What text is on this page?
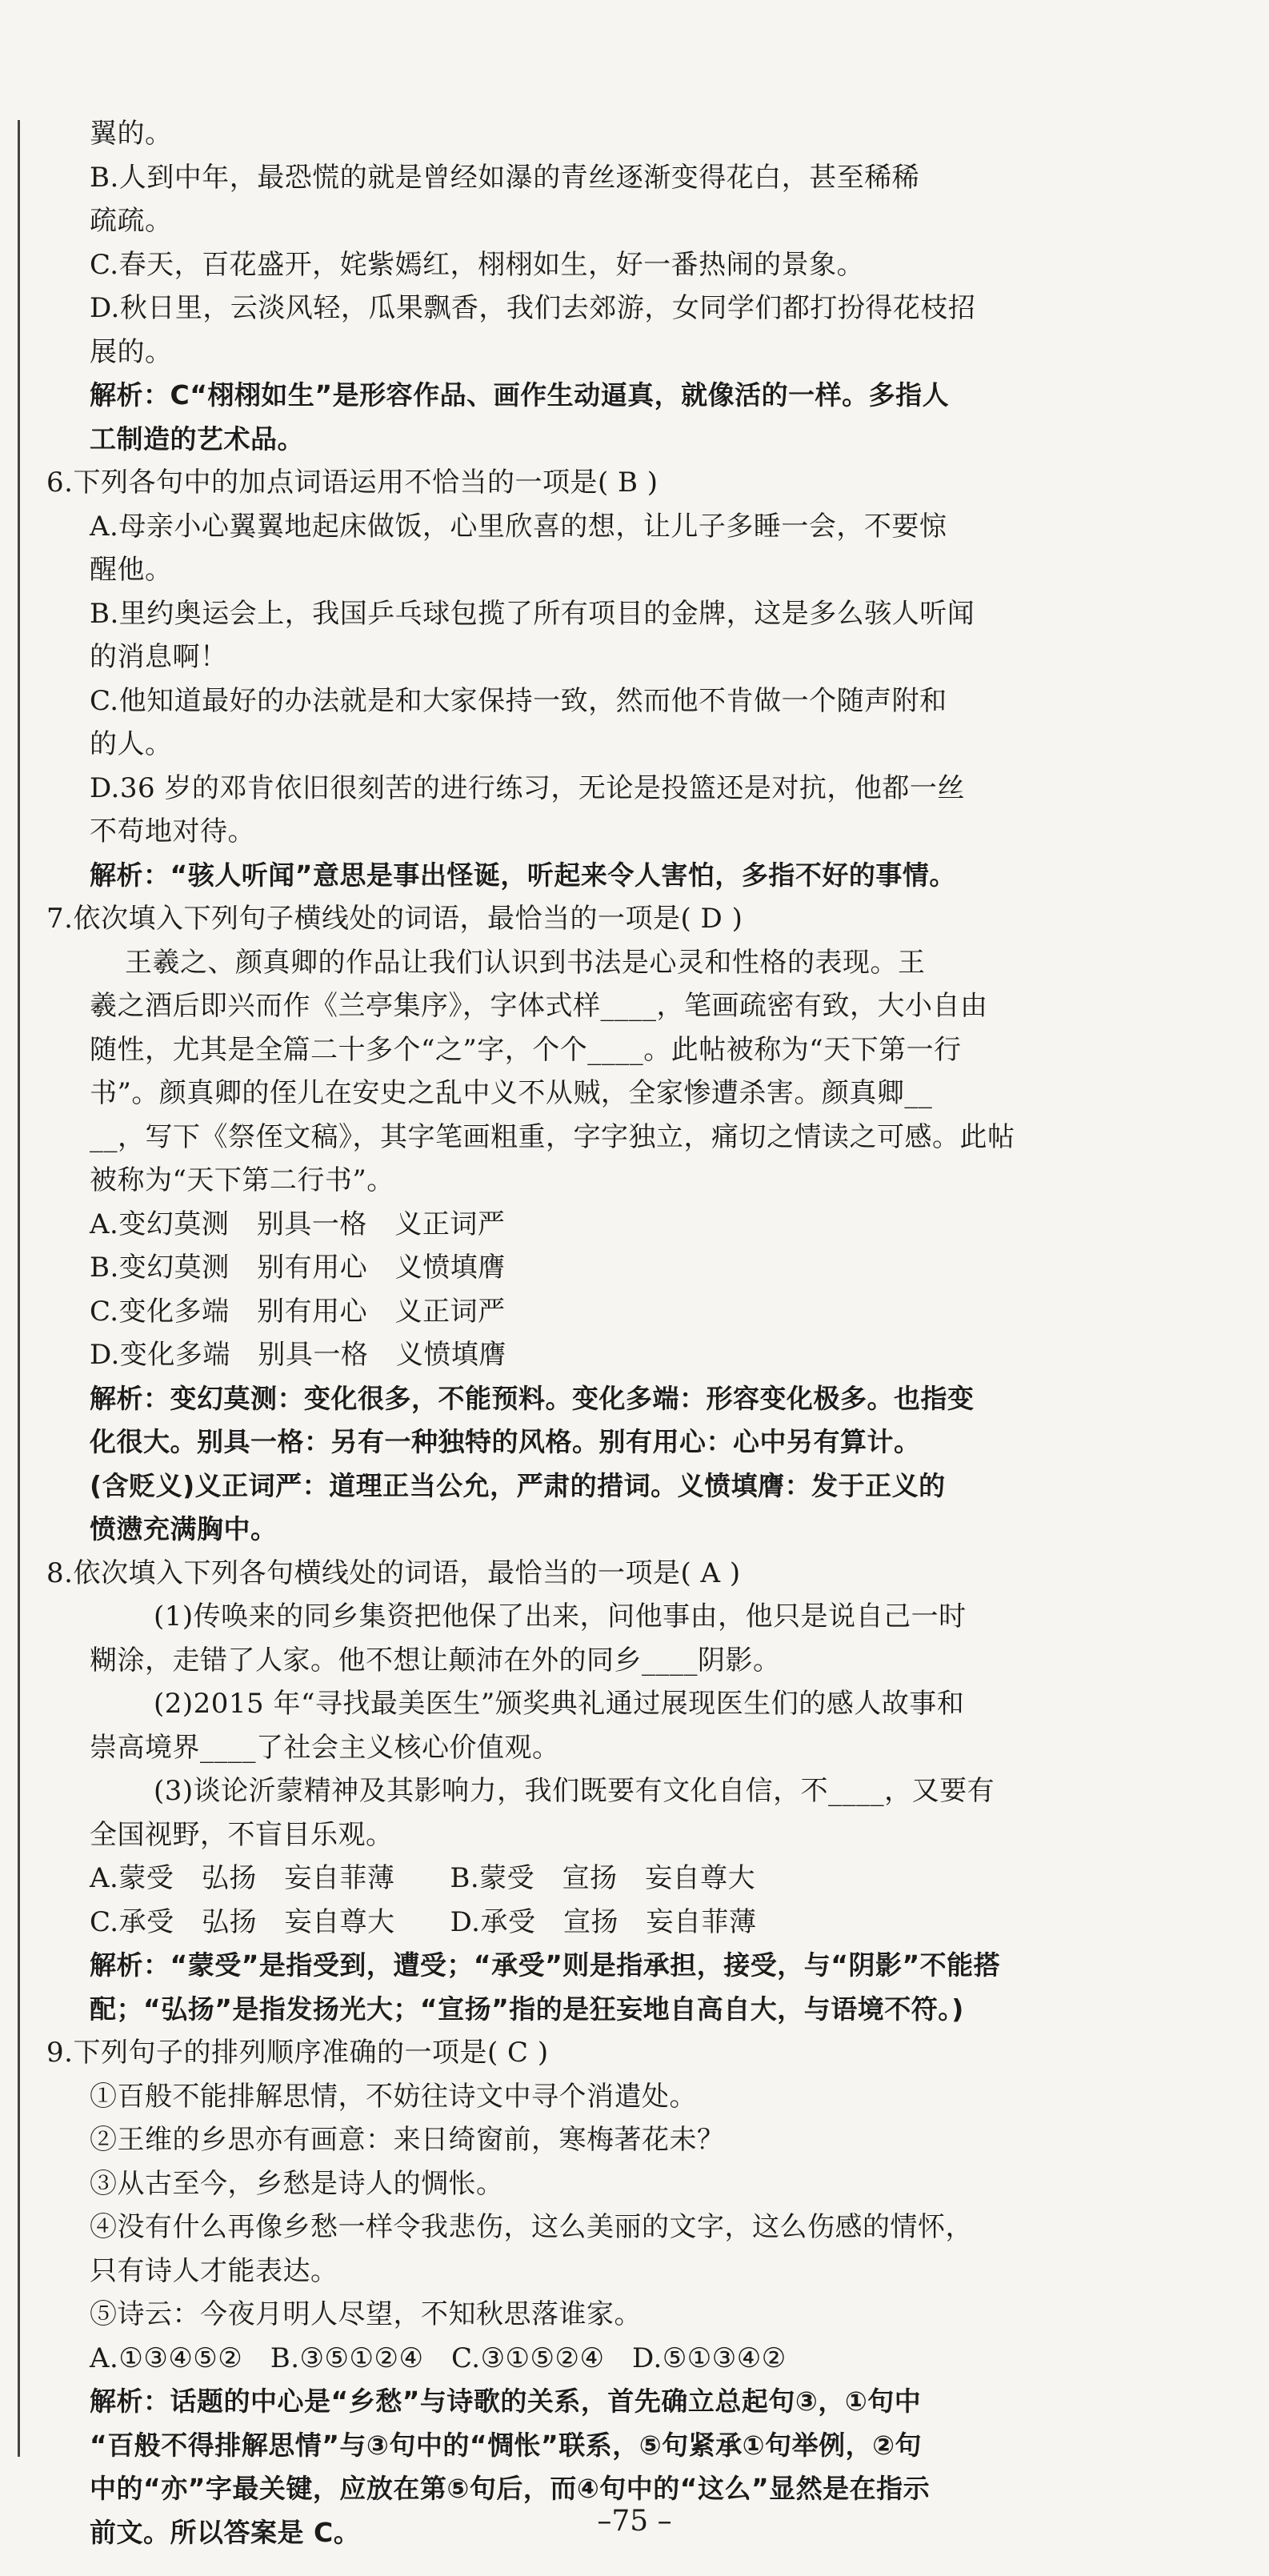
翼的。

B.人到中年，最恐慌的就是曾经如瀑的青丝逐渐变得花白，甚至稀稀

疏疏。

C.春天，百花盛开，姹紫嫣红，栩栩如生，好一番热闹的景象。

D.秋日里，云淡风轻，瓜果飘香，我们去郊游，女同学们都打扮得花枝招

展的。

解析：C“栩栩如生”是形容作品、画作生动逼真，就像活的一样。多指人

工制造的艺术品。

6.下列各句中的加点词语运用不恰当的一项是( B )

A.母亲小心翼翼地起床做饭，心里欣喜的想，让儿子多睡一会，不要惊

醒他。

B.里约奥运会上，我国乒乓球包揽了所有项目的金牌，这是多么骇人听闻

的消息啊！

C.他知道最好的办法就是和大家保持一致，然而他不肯做一个随声附和

的人。

D.36 岁的邓肯依旧很刻苦的进行练习，无论是投篮还是对抗，他都一丝

不苟地对待。

解析：“骇人听闻”意思是事出怪诞，听起来令人害怕，多指不好的事情。

7.依次填入下列句子横线处的词语，最恰当的一项是( D )

王羲之、颜真卿的作品让我们认识到书法是心灵和性格的表现。王

羲之酒后即兴而作《兰亭集序》，字体式样____，笔画疏密有致，大小自由

随性，尤其是全篇二十多个“之”字，个个____。此帖被称为“天下第一行

书”。颜真卿的侄儿在安史之乱中义不从贼，全家惨遭杀害。颜真卿__

__，写下《祭侄文稿》，其字笔画粗重，字字独立，痛切之情读之可感。此帖

被称为“天下第二行书”。

A.变幻莫测　别具一格　义正词严

B.变幻莫测　别有用心　义愤填膺

C.变化多端　别有用心　义正词严

D.变化多端　别具一格　义愤填膺

解析：变幻莫测：变化很多，不能预料。变化多端：形容变化极多。也指变

化很大。别具一格：另有一种独特的风格。别有用心：心中另有算计。

(含贬义)义正词严：道理正当公允，严肃的措词。义愤填膺：发于正义的

愤懑充满胸中。

8.依次填入下列各句横线处的词语，最恰当的一项是( A )

(1)传唤来的同乡集资把他保了出来，问他事由，他只是说自己一时

糊涂，走错了人家。他不想让颠沛在外的同乡____阴影。

(2)2015 年“寻找最美医生”颁奖典礼通过展现医生们的感人故事和

崇高境界____了社会主义核心价值观。

(3)谈论沂蒙精神及其影响力，我们既要有文化自信，不____，又要有

全国视野，不盲目乐观。

A.蒙受　弘扬　妄自菲薄　　B.蒙受　宣扬　妄自尊大

C.承受　弘扬　妄自尊大　　D.承受　宣扬　妄自菲薄

解析：“蒙受”是指受到，遭受；“承受”则是指承担，接受，与“阴影”不能搭

配；“弘扬”是指发扬光大；“宣扬”指的是狂妄地自高自大，与语境不符。)

9.下列句子的排列顺序准确的一项是( C )

①百般不能排解思情，不妨往诗文中寻个消遣处。

②王维的乡思亦有画意：来日绮窗前，寒梅著花未？

③从古至今，乡愁是诗人的惆怅。

④没有什么再像乡愁一样令我悲伤，这么美丽的文字，这么伤感的情怀，

只有诗人才能表达。

⑤诗云：今夜月明人尽望，不知秋思落谁家。

A.①③④⑤②　B.③⑤①②④　C.③①⑤②④　D.⑤①③④②

解析：话题的中心是“乡愁”与诗歌的关系，首先确立总起句③，①句中

“百般不得排解思情”与③句中的“惆怅”联系，⑤句紧承①句举例，②句

中的“亦”字最关键，应放在第⑤句后，而④句中的“这么”显然是在指示

前文。所以答案是 C。	–75 –
